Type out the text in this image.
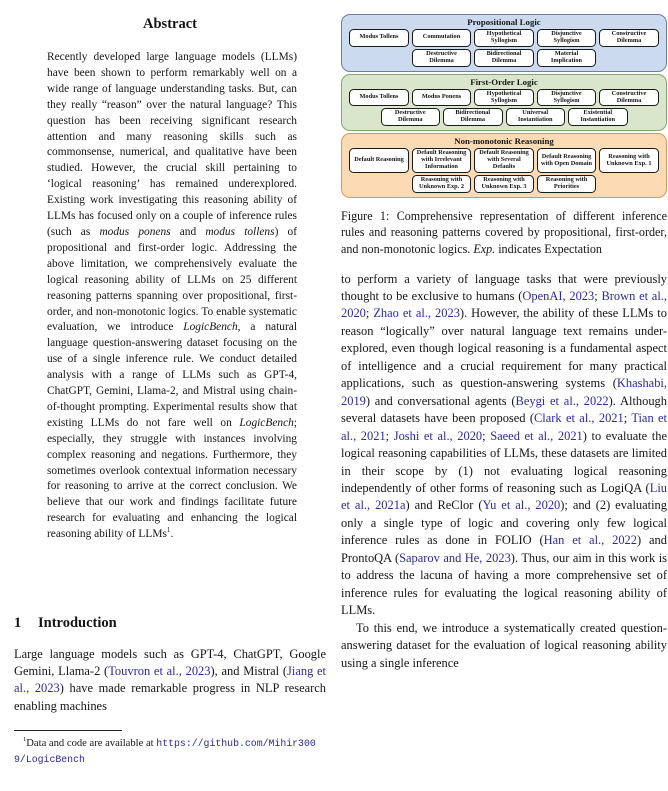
Abstract
Recently developed large language models (LLMs) have been shown to perform remarkably well on a wide range of language understanding tasks. But, can they really “reason” over the natural language? This question has been receiving significant research attention and many reasoning skills such as commonsense, numerical, and qualitative have been studied. However, the crucial skill pertaining to ‘logical reasoning’ has remained underexplored. Existing work investigating this reasoning ability of LLMs has focused only on a couple of inference rules (such as modus ponens and modus tollens) of propositional and first-order logic. Addressing the above limitation, we comprehensively evaluate the logical reasoning ability of LLMs on 25 different reasoning patterns spanning over propositional, first-order, and non-monotonic logics. To enable systematic evaluation, we introduce LogicBench, a natural language question-answering dataset focusing on the use of a single inference rule. We conduct detailed analysis with a range of LLMs such as GPT-4, ChatGPT, Gemini, Llama-2, and Mistral using chain-of-thought prompting. Experimental results show that existing LLMs do not fare well on LogicBench; especially, they struggle with instances involving complex reasoning and negations. Furthermore, they sometimes overlook contextual information necessary for reasoning to arrive at the correct conclusion. We believe that our work and findings facilitate future research for evaluating and enhancing the logical reasoning ability of LLMs$^1$.
1 Introduction
Large language models such as GPT-4, ChatGPT, Google Gemini, Llama-2 (Touvron et al., 2023), and Mistral (Jiang et al., 2023) have made remarkable progress in NLP research enabling machines
$^1$Data and code are available at https://github.com/Mihir3009/LogicBench
Propositional Logic
Modus Tollens	Commutation	Hypothetical Syllogism
Disjunctive Syllogism
Constructive Dilemma
Destructive Dilemma
Bidirectional Dilemma
Material Implication
First-Order Logic
Modus Tollens	Modus Ponens	Hypothetical Syllogism
Disjunctive Syllogism
Constructive Dilemma
Destructive Dilemma
Bidirectional Dilemma
Universal Instantiation
Existential Instantiation
Non-monotonic Reasoning
Default Reasoning
Default Reasoning with Irrelevant Information
Default Reasoning with Several Defaults
Default Reasoning with Open Domain
Reasoning with Unknown Exp. 1
Reasoning with Unknown Exp. 2
Reasoning with Unknown Exp. 3
Reasoning with Priorities
Figure 1: Comprehensive representation of different inference rules and reasoning patterns covered by propositional, first-order, and non-monotonic logics. Exp. indicates Expectation
to perform a variety of language tasks that were previously thought to be exclusive to humans (OpenAI, 2023; Brown et al., 2020; Zhao et al., 2023). However, the ability of these LLMs to reason “logically” over natural language text remains under-explored, even though logical reasoning is a fundamental aspect of intelligence and a crucial requirement for many practical applications, such as question-answering systems (Khashabi, 2019) and conversational agents (Beygi et al., 2022). Although several datasets have been proposed (Clark et al., 2021; Tian et al., 2021; Joshi et al., 2020; Saeed et al., 2021) to evaluate the logical reasoning capabilities of LLMs, these datasets are limited in their scope by (1) not evaluating logical reasoning independently of other forms of reasoning such as LogiQA (Liu et al., 2021a) and ReClor (Yu et al., 2020); and (2) evaluating only a single type of logic and covering only few logical inference rules as done in FOLIO (Han et al., 2022) and ProntoQA (Saparov and He, 2023). Thus, our aim in this work is to address the lacuna of having a more comprehensive set of inference rules for evaluating the logical reasoning ability of LLMs.
To this end, we introduce a systematically created question-answering dataset for the evaluation of logical reasoning ability using a single inference
